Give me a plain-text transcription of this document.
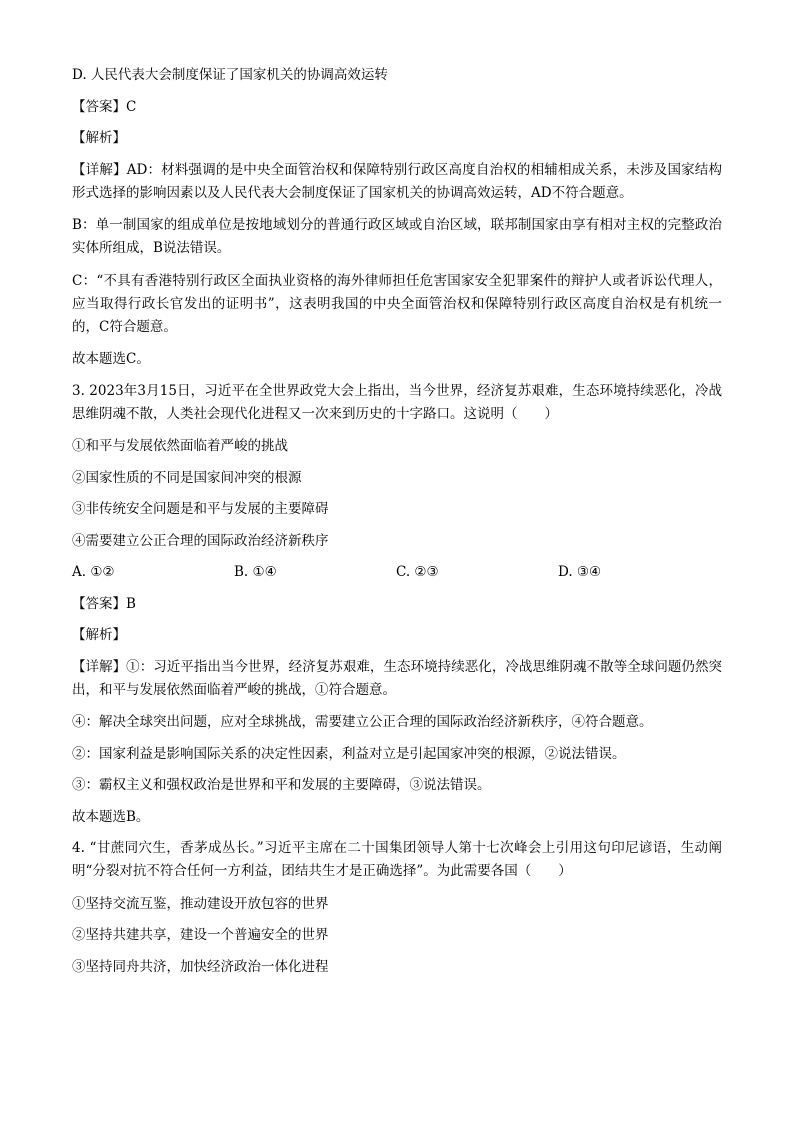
D. 人民代表大会制度保证了国家机关的协调高效运转
【答案】C
【解析】
【详解】AD：材料强调的是中央全面管治权和保障特别行政区高度自治权的相辅相成关系，未涉及国家结构形式选择的影响因素以及人民代表大会制度保证了国家机关的协调高效运转，AD不符合题意。
B：单一制国家的组成单位是按地域划分的普通行政区域或自治区域，联邦制国家由享有相对主权的完整政治实体所组成，B说法错误。
C：“不具有香港特别行政区全面执业资格的海外律师担任危害国家安全犯罪案件的辩护人或者诉讼代理人，应当取得行政长官发出的证明书”，这表明我国的中央全面管治权和保障特别行政区高度自治权是有机统一的，C符合题意。
故本题选C。
3. 2023年3月15日，习近平在全世界政党大会上指出，当今世界，经济复苏艰难，生态环境持续恶化，冷战思维阴魂不散，人类社会现代化进程又一次来到历史的十字路口。这说明（　　）
①和平与发展依然面临着严峻的挑战
②国家性质的不同是国家间冲突的根源
③非传统安全问题是和平与发展的主要障碍
④需要建立公正合理的国际政治经济新秩序
A. ①②	B. ①④	C. ②③	D. ③④
【答案】B
【解析】
【详解】①：习近平指出当今世界，经济复苏艰难，生态环境持续恶化，冷战思维阴魂不散等全球问题仍然突出，和平与发展依然面临着严峻的挑战，①符合题意。
④：解决全球突出问题，应对全球挑战，需要建立公正合理的国际政治经济新秩序，④符合题意。
②：国家利益是影响国际关系的决定性因素，利益对立是引起国家冲突的根源，②说法错误。
③：霸权主义和强权政治是世界和平和发展的主要障碍，③说法错误。
故本题选B。
4. “甘蔗同穴生，香茅成丛长。”习近平主席在二十国集团领导人第十七次峰会上引用这句印尼谚语，生动阐明“分裂对抗不符合任何一方利益，团结共生才是正确选择”。为此需要各国（　　）
①坚持交流互鉴，推动建设开放包容的世界
②坚持共建共享，建设一个普遍安全的世界
③坚持同舟共济，加快经济政治一体化进程
